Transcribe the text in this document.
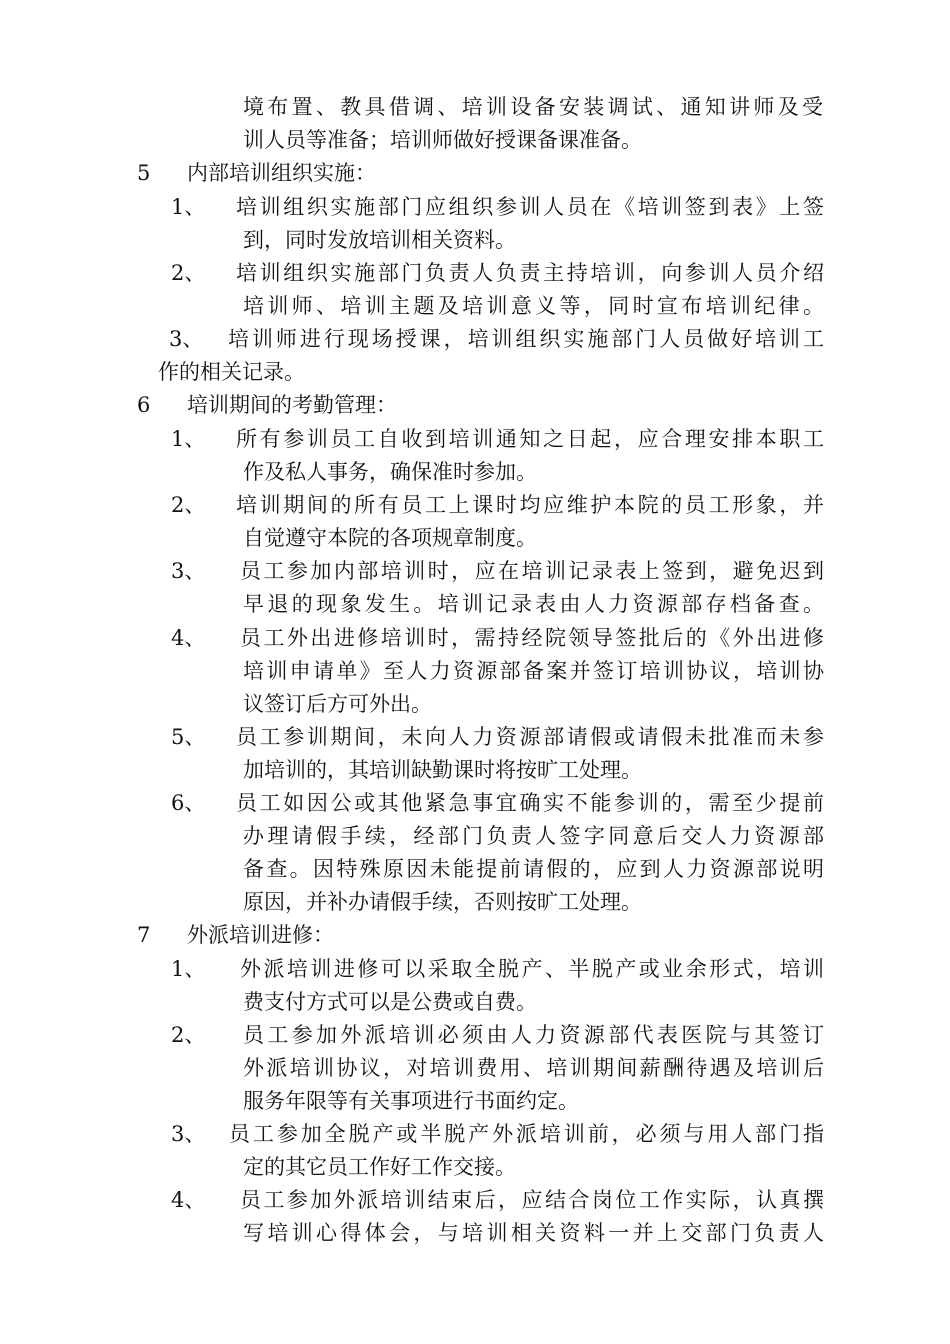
境布置、教具借调、培训设备安装调试、通知讲师及受
训人员等准备；培训师做好授课备课准备。
5 内部培训组织实施：
1、 培训组织实施部门应组织参训人员在《培训签到表》上签
到，同时发放培训相关资料。
2、 培训组织实施部门负责人负责主持培训，向参训人员介绍
培训师、培训主题及培训意义等，同时宣布培训纪律。
3、 培训师进行现场授课，培训组织实施部门人员做好培训工
作的相关记录。
6 培训期间的考勤管理：
1、 所有参训员工自收到培训通知之日起，应合理安排本职工
作及私人事务，确保准时参加。
2、 培训期间的所有员工上课时均应维护本院的员工形象，并
自觉遵守本院的各项规章制度。
3、 员工参加内部培训时，应在培训记录表上签到，避免迟到
早退的现象发生。培训记录表由人力资源部存档备查。
4、 员工外出进修培训时，需持经院领导签批后的《外出进修
培训申请单》至人力资源部备案并签订培训协议，培训协
议签订后方可外出。
5、 员工参训期间，未向人力资源部请假或请假未批准而未参
加培训的，其培训缺勤课时将按旷工处理。
6、 员工如因公或其他紧急事宜确实不能参训的，需至少提前
办理请假手续，经部门负责人签字同意后交人力资源部
备查。因特殊原因未能提前请假的，应到人力资源部说明
原因，并补办请假手续，否则按旷工处理。
7 外派培训进修：
1、 外派培训进修可以采取全脱产、半脱产或业余形式，培训
费支付方式可以是公费或自费。
2、 员工参加外派培训必须由人力资源部代表医院与其签订
外派培训协议，对培训费用、培训期间薪酬待遇及培训后
服务年限等有关事项进行书面约定。
3、 员工参加全脱产或半脱产外派培训前，必须与用人部门指
定的其它员工作好工作交接。
4、 员工参加外派培训结束后，应结合岗位工作实际，认真撰
写培训心得体会，与培训相关资料一并上交部门负责人
